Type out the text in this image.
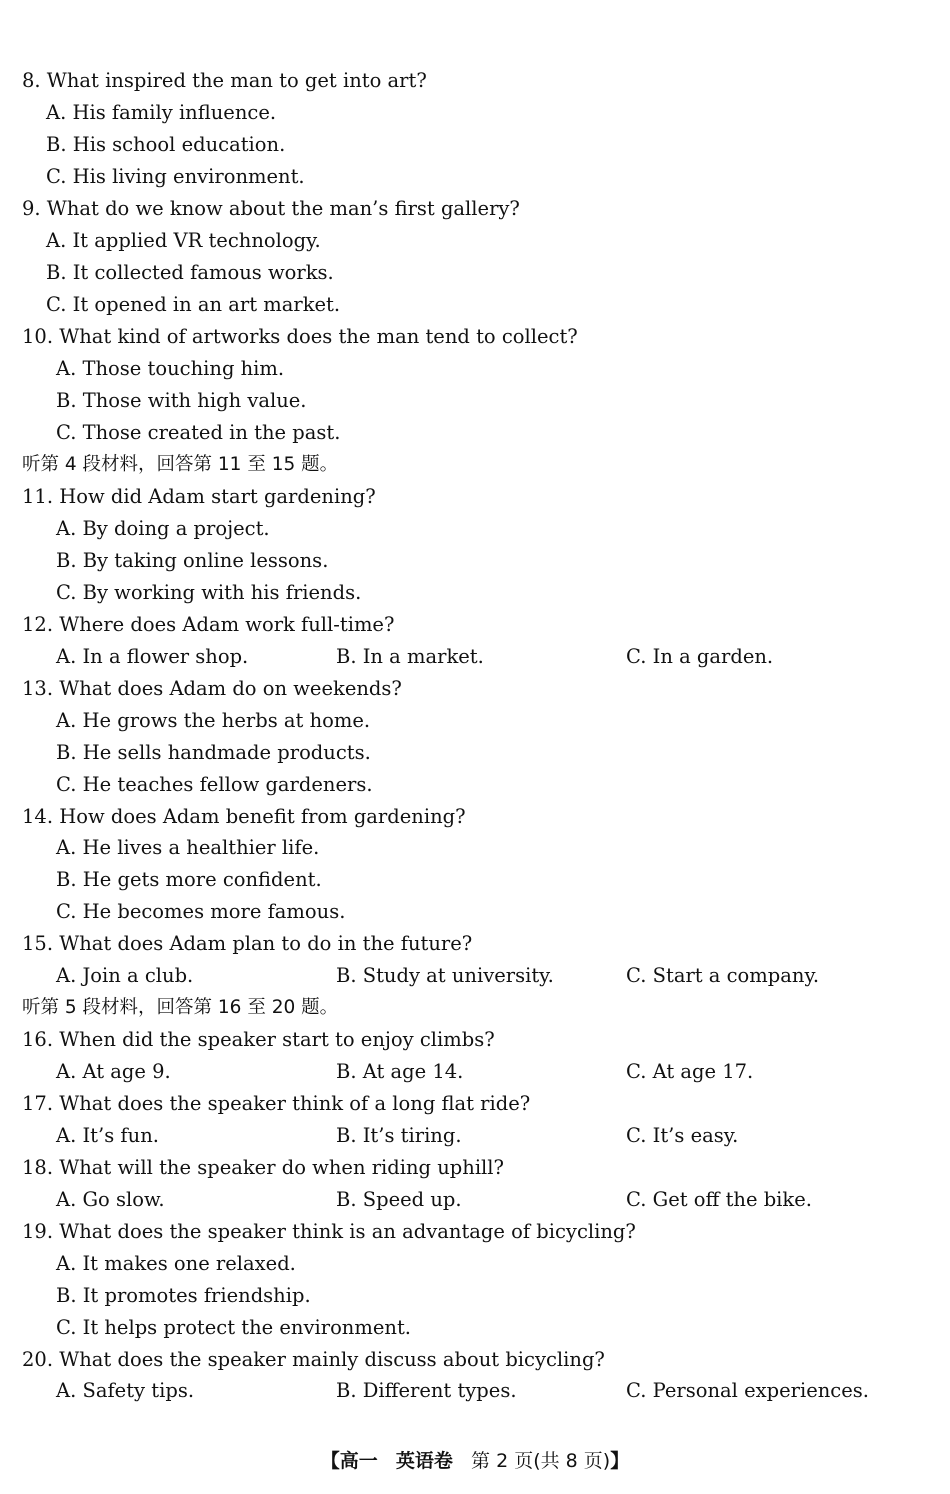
8. What inspired the man to get into art?
A. His family influence.
B. His school education.
C. His living environment.
9. What do we know about the man’s first gallery?
A. It applied VR technology.
B. It collected famous works.
C. It opened in an art market.
10. What kind of artworks does the man tend to collect?
A. Those touching him.
B. Those with high value.
C. Those created in the past.
听第 4 段材料，回答第 11 至 15 题。
11. How did Adam start gardening?
A. By doing a project.
B. By taking online lessons.
C. By working with his friends.
12. Where does Adam work full-time?
A. In a flower shop.	B. In a market.	C. In a garden.
13. What does Adam do on weekends?
A. He grows the herbs at home.
B. He sells handmade products.
C. He teaches fellow gardeners.
14. How does Adam benefit from gardening?
A. He lives a healthier life.
B. He gets more confident.
C. He becomes more famous.
15. What does Adam plan to do in the future?
A. Join a club.	B. Study at university.	C. Start a company.
听第 5 段材料，回答第 16 至 20 题。
16. When did the speaker start to enjoy climbs?
A. At age 9.	B. At age 14.	C. At age 17.
17. What does the speaker think of a long flat ride?
A. It’s fun.	B. It’s tiring.	C. It’s easy.
18. What will the speaker do when riding uphill?
A. Go slow.	B. Speed up.	C. Get off the bike.
19. What does the speaker think is an advantage of bicycling?
A. It makes one relaxed.
B. It promotes friendship.
C. It helps protect the environment.
20. What does the speaker mainly discuss about bicycling?
A. Safety tips.	B. Different types.	C. Personal experiences.
【高一 英语卷 第 2 页(共 8 页)】
